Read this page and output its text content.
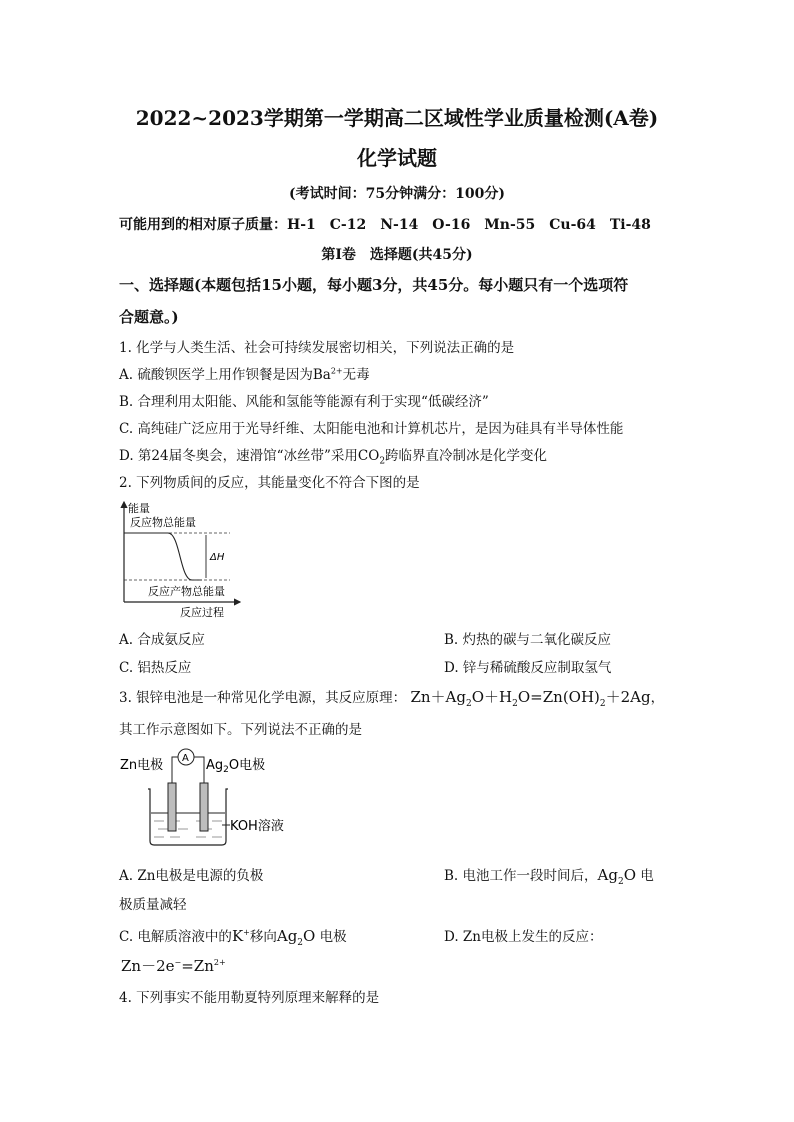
2022~2023学期第一学期高二区域性学业质量检测(A卷)
化学试题
(考试时间：75分钟满分：100分)
可能用到的相对原子质量：H-1　C-12　N-14　O-16　Mn-55　Cu-64　Ti-48
第Ⅰ卷　选择题(共45分)
一、选择题(本题包括15小题，每小题3分，共45分。每小题只有一个选项符
合题意。)
1. 化学与人类生活、社会可持续发展密切相关，下列说法正确的是
A. 硫酸钡医学上用作钡餐是因为$Ba^{2+}$无毒
B. 合理利用太阳能、风能和氢能等能源有利于实现“低碳经济”
C. 高纯硅广泛应用于光导纤维、太阳能电池和计算机芯片，是因为硅具有半导体性能
D. 第24届冬奥会，速滑馆“冰丝带”采用$CO_2$跨临界直冷制冰是化学变化
2. 下列物质间的反应，其能量变化不符合下图的是
能量
反应物总能量
ΔH
反应产物总能量
反应过程
A. 合成氨反应	B. 灼热的碳与二氧化碳反应
C. 铝热反应	D. 锌与稀硫酸反应制取氢气
3. 银锌电池是一种常见化学电源，其反应原理： $Zn+Ag_2O+H_2O=Zn(OH)_2+2Ag$，
其工作示意图如下。下列说法不正确的是
Zn电极	$Ag_2O$电极
A
KOH溶液
A. Zn电极是电源的负极	B. 电池工作一段时间后，$Ag_2O$ 电
极质量减轻
C. 电解质溶液中的K+移向$Ag_2O$ 电极	D. Zn电极上发生的反应：
$Zn-2e^-=Zn^{2+}$
4. 下列事实不能用勒夏特列原理来解释的是
